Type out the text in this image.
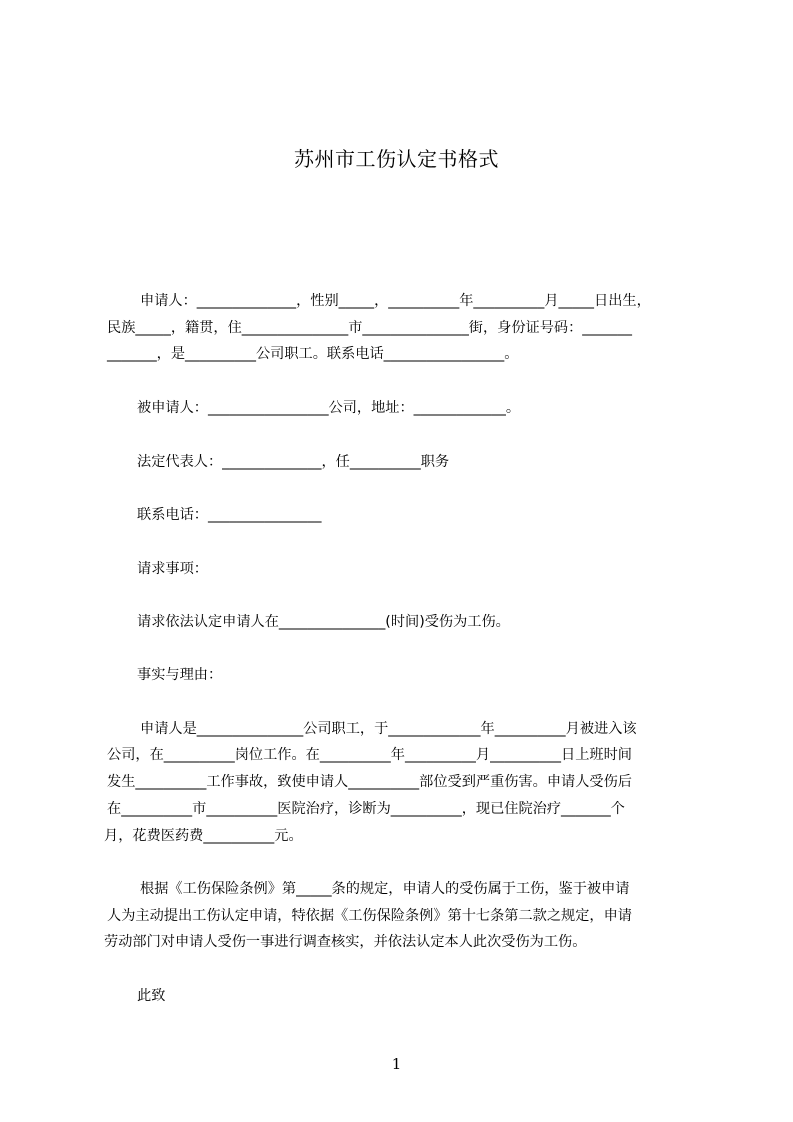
苏州市工伤认定书格式
申请人：______________，性别_____，__________年__________月_____日出生，
民族_____，籍贯，住_______________市_______________街，身份证号码：_______
_______，是__________公司职工。联系电话_________________。
被申请人：_________________公司，地址：_____________。
法定代表人：______________，任__________职务
联系电话：________________
请求事项：
请求依法认定申请人在_______________(时间)受伤为工伤。
事实与理由：
申请人是_______________公司职工，于_____________年__________月被进入该
公司，在__________岗位工作。在__________年__________月__________日上班时间
发生__________工作事故，致使申请人__________部位受到严重伤害。申请人受伤后
在__________市__________医院治疗，诊断为__________，现已住院治疗_______个
月，花费医药费__________元。
根据《工伤保险条例》第_____条的规定，申请人的受伤属于工伤，鉴于被申请
人为主动提出工伤认定申请，特依据《工伤保险条例》第十七条第二款之规定，申请
劳动部门对申请人受伤一事进行调查核实，并依法认定本人此次受伤为工伤。
此致
1
